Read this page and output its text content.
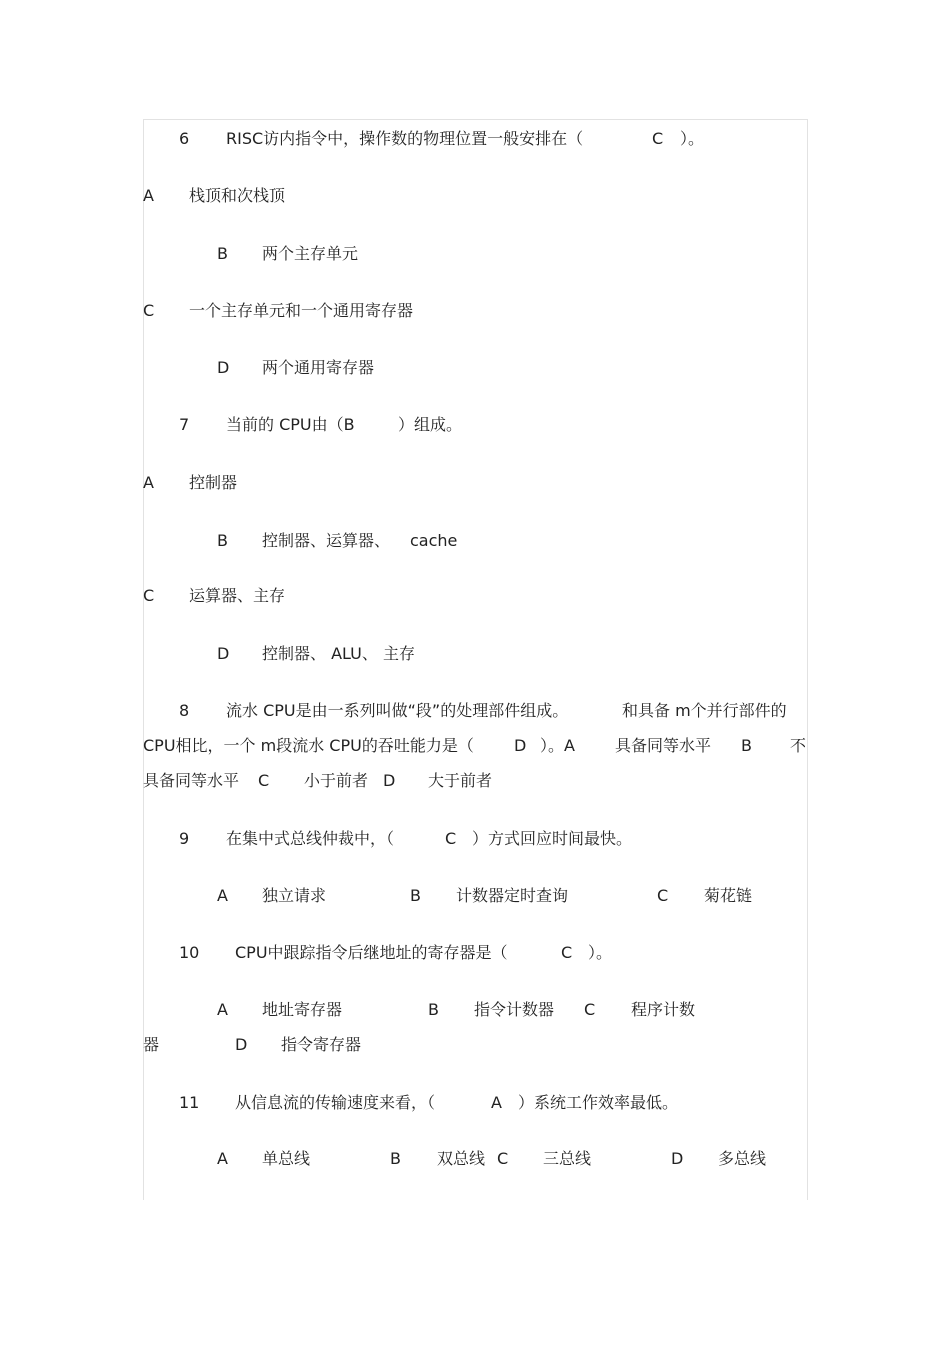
6 RISC访内指令中，操作数的物理位置一般安排在（	C ）。
A 栈顶和次栈顶
B 两个主存单元
C 一个主存单元和一个通用寄存器
D 两个通用寄存器
7 当前的 CPU由（B	）组成。
A 控制器
B 控制器、运算器、 cache
C 运算器、主存
D 控制器、 ALU、 主存
8 流水 CPU是由一系列叫做“段”的处理部件组成。	和具备 m个并行部件的
CPU相比，一个 m段流水 CPU的吞吐能力是（	D ）。A	具备同等水平 B 不
具备同等水平 C 小于前者 D 大于前者
9 在集中式总线仲裁中，（	C ）方式回应时间最快。
A 独立请求	B 计数器定时查询	C 菊花链
10 CPU中跟踪指令后继地址的寄存器是（	C ）。
A 地址寄存器	B 指令计数器 C 程序计数
器	D 指令寄存器
11 从信息流的传输速度来看，（	A ）系统工作效率最低。
A 单总线	B 双总线 C 三总线	D 多总线
